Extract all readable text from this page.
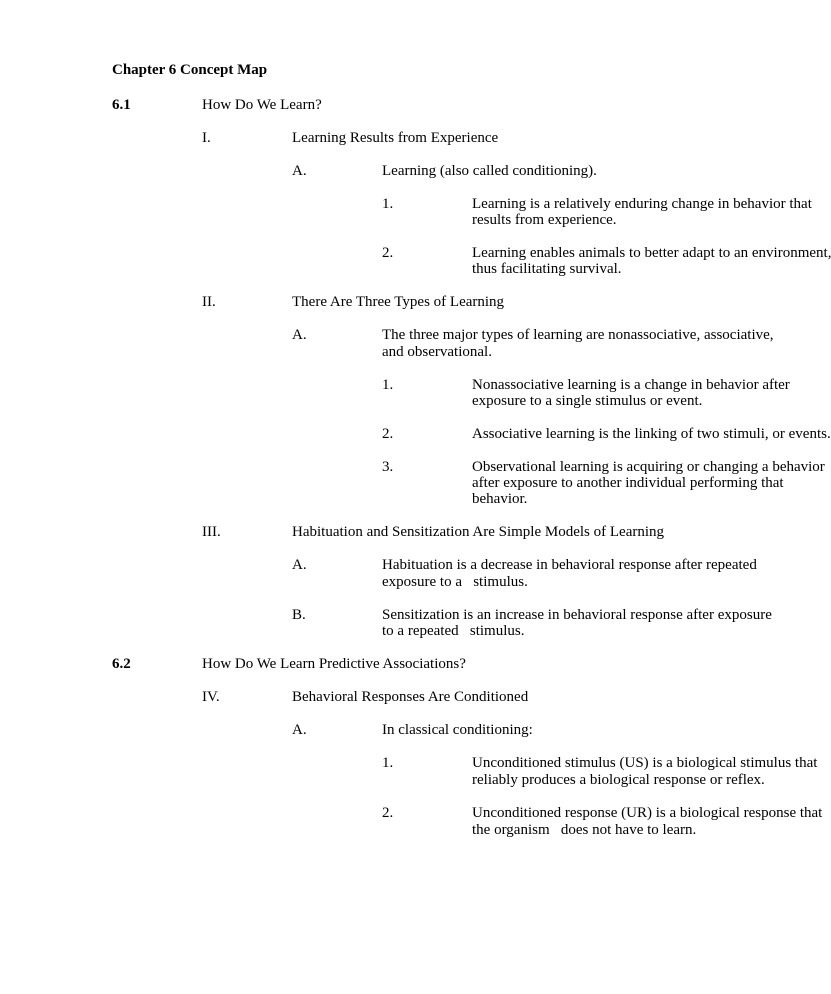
Chapter 6 Concept Map
6.1	How Do We Learn?
I.	Learning Results from Experience
A.	Learning (also called conditioning).
1.	Learning is a relatively enduring change in behavior that
results from experience.
2.	Learning enables animals to better adapt to an environment,
thus facilitating survival.
II.	There Are Three Types of Learning
A.	The three major types of learning are nonassociative, associative,
and observational.
1.	Nonassociative learning is a change in behavior after
exposure to a single stimulus or event.
2.	Associative learning is the linking of two stimuli, or events.
3.	Observational learning is acquiring or changing a behavior
after exposure to another individual performing that
behavior.
III.	Habituation and Sensitization Are Simple Models of Learning
A.	Habituation is a decrease in behavioral response after repeated
exposure to a   stimulus.
B.	Sensitization is an increase in behavioral response after exposure
to a repeated   stimulus.
6.2	How Do We Learn Predictive Associations?
IV.	Behavioral Responses Are Conditioned
A.	In classical conditioning:
1.	Unconditioned stimulus (US) is a biological stimulus that
reliably produces a biological response or reflex.
2.	Unconditioned response (UR) is a biological response that
the organism   does not have to learn.
